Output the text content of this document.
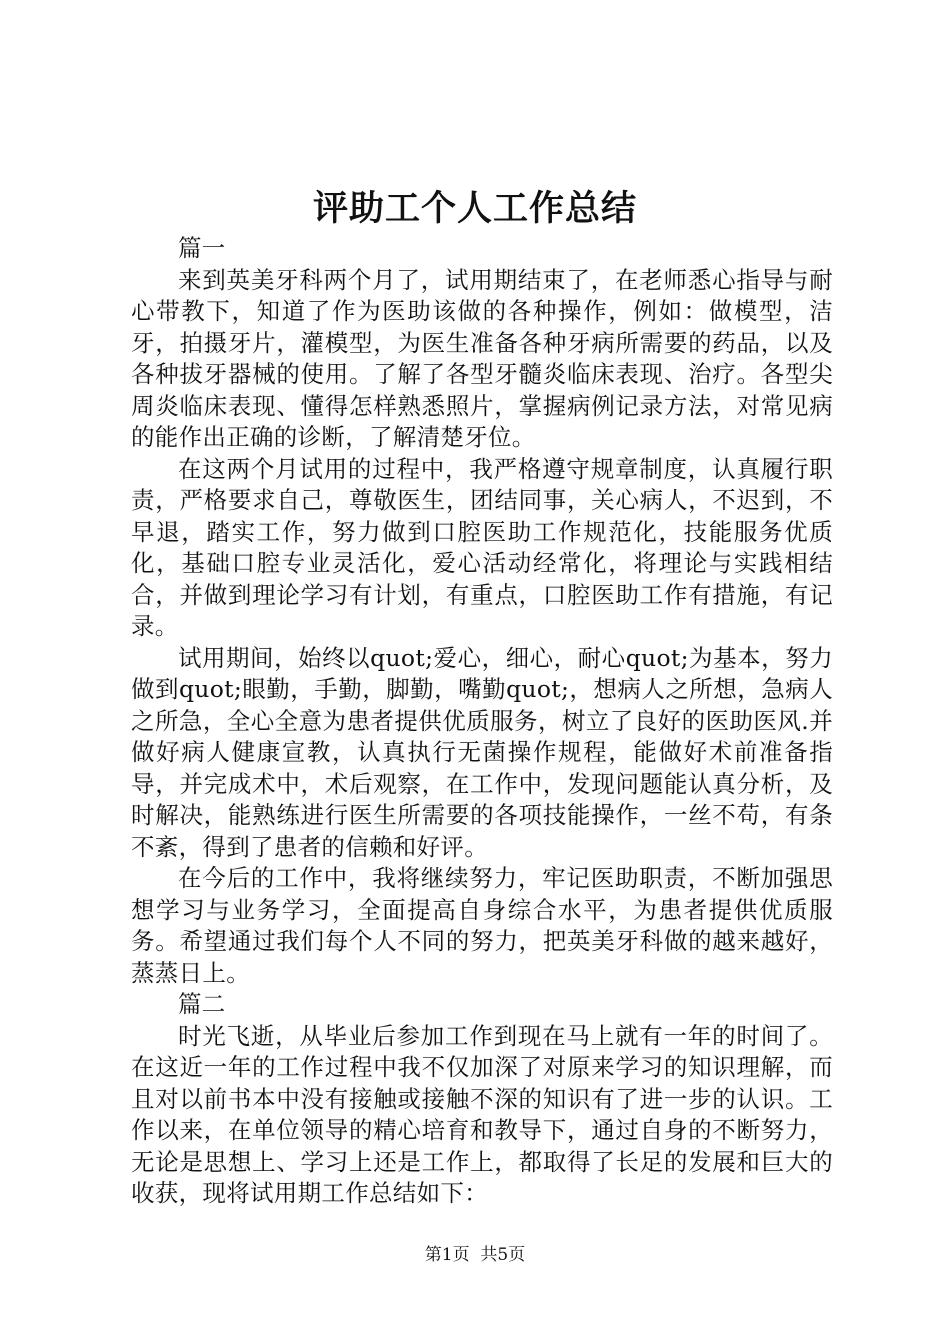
评助工个人工作总结

篇一

来到英美牙科两个月了，试用期结束了，在老师悉心指导与耐心带教下，知道了作为医助该做的各种操作，例如：做模型，洁牙，拍摄牙片，灌模型，为医生准备各种牙病所需要的药品，以及各种拔牙器械的使用。了解了各型牙髓炎临床表现、治疗。各型尖周炎临床表现、懂得怎样熟悉照片，掌握病例记录方法，对常见病的能作出正确的诊断，了解清楚牙位。

在这两个月试用的过程中，我严格遵守规章制度，认真履行职责，严格要求自己，尊敬医生，团结同事，关心病人，不迟到，不早退，踏实工作，努力做到口腔医助工作规范化，技能服务优质化，基础口腔专业灵活化，爱心活动经常化，将理论与实践相结合，并做到理论学习有计划，有重点，口腔医助工作有措施，有记录。

试用期间，始终以quot;爱心，细心，耐心quot;为基本，努力做到quot;眼勤，手勤，脚勤，嘴勤quot;，想病人之所想，急病人之所急，全心全意为患者提供优质服务，树立了良好的医助医风.并做好病人健康宣教，认真执行无菌操作规程，能做好术前准备指导，并完成术中，术后观察，在工作中，发现问题能认真分析，及时解决，能熟练进行医生所需要的各项技能操作，一丝不苟，有条不紊，得到了患者的信赖和好评。

在今后的工作中，我将继续努力，牢记医助职责，不断加强思想学习与业务学习，全面提高自身综合水平，为患者提供优质服务。希望通过我们每个人不同的努力，把英美牙科做的越来越好，蒸蒸日上。

篇二

时光飞逝，从毕业后参加工作到现在马上就有一年的时间了。在这近一年的工作过程中我不仅加深了对原来学习的知识理解，而且对以前书本中没有接触或接触不深的知识有了进一步的认识。工作以来，在单位领导的精心培育和教导下，通过自身的不断努力，无论是思想上、学习上还是工作上，都取得了长足的发展和巨大的收获，现将试用期工作总结如下：

第1页 共5页
